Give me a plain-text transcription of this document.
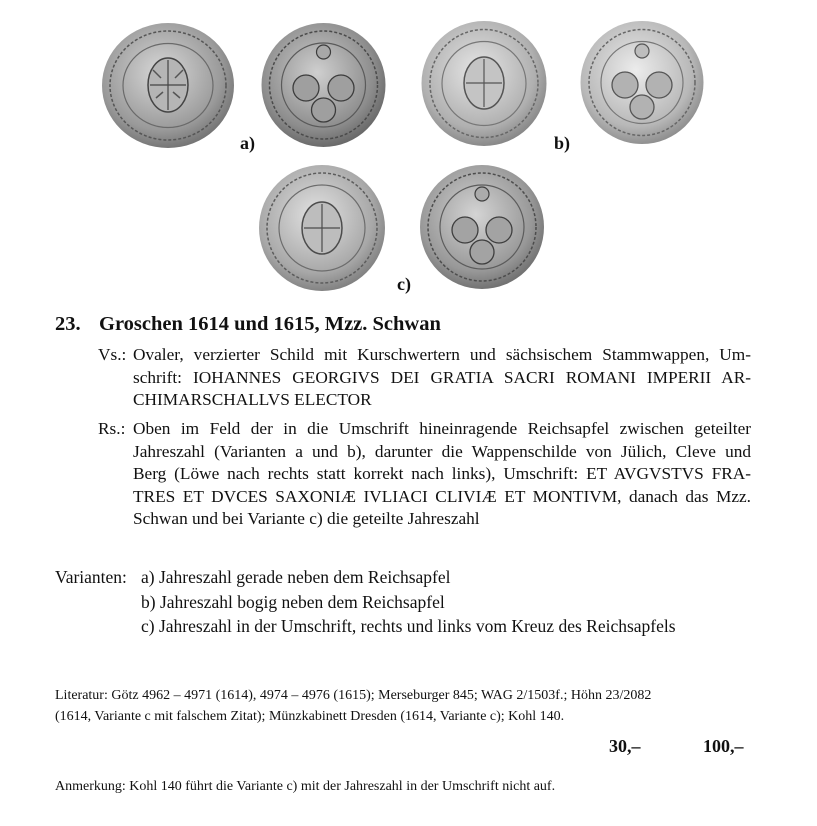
a)	b)
c)
23. Groschen 1614 und 1615, Mzz. Schwan
Vs.: Ovaler, verzierter Schild mit Kurschwertern und sächsischem Stammwappen, Um-
schrift: IOHANNES GEORGIVS DEI GRATIA SACRI ROMANI IMPERII AR-
CHIMARSCHALLVS ELECTOR
Rs.: Oben im Feld der in die Umschrift hineinragende Reichsapfel zwischen geteilter
Jahreszahl (Varianten a und b), darunter die Wappenschilde von Jülich, Cleve und
Berg (Löwe nach rechts statt korrekt nach links), Umschrift: ET AVGVSTVS FRA-
TRES ET DVCES SAXONIÆ IVLIACI CLIVIÆ ET MONTIVM, danach das Mzz.
Schwan und bei Variante c) die geteilte Jahreszahl
Varianten: a) Jahreszahl gerade neben dem Reichsapfel
b) Jahreszahl bogig neben dem Reichsapfel
c) Jahreszahl in der Umschrift, rechts und links vom Kreuz des Reichsapfels
Literatur: Götz 4962 – 4971 (1614), 4974 – 4976 (1615); Merseburger 845; WAG 2/1503f.; Höhn 23/2082
(1614, Variante c mit falschem Zitat); Münzkabinett Dresden (1614, Variante c); Kohl 140.
30,–	100,–
Anmerkung: Kohl 140 führt die Variante c) mit der Jahreszahl in der Umschrift nicht auf.
